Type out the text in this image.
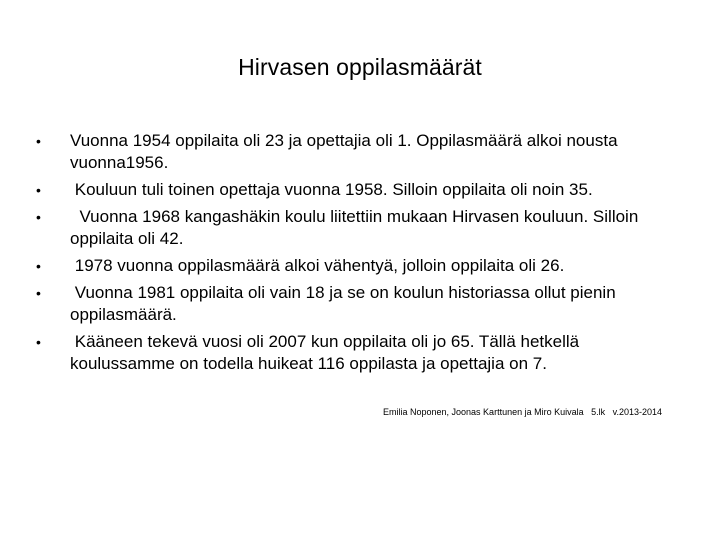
Hirvasen oppilasmäärät
• Vuonna 1954 oppilaita oli 23 ja opettajia oli 1. Oppilasmäärä alkoi nousta vuonna1956.
• Kouluun tuli toinen opettaja vuonna 1958. Silloin oppilaita oli noin 35.
• Vuonna 1968 kangashäkin koulu liitettiin mukaan Hirvasen kouluun. Silloin oppilaita oli 42.
• 1978 vuonna oppilasmäärä alkoi vähentyä, jolloin oppilaita oli 26.
• Vuonna 1981 oppilaita oli vain 18 ja se on koulun historiassa ollut pienin oppilasmäärä.
• Kääneen tekevä vuosi oli 2007 kun oppilaita oli jo 65. Tällä hetkellä koulussamme on todella huikeat 116 oppilasta ja opettajia on 7.
Emilia Noponen, Joonas Karttunen ja Miro Kuivala   5.lk   v.2013-2014
